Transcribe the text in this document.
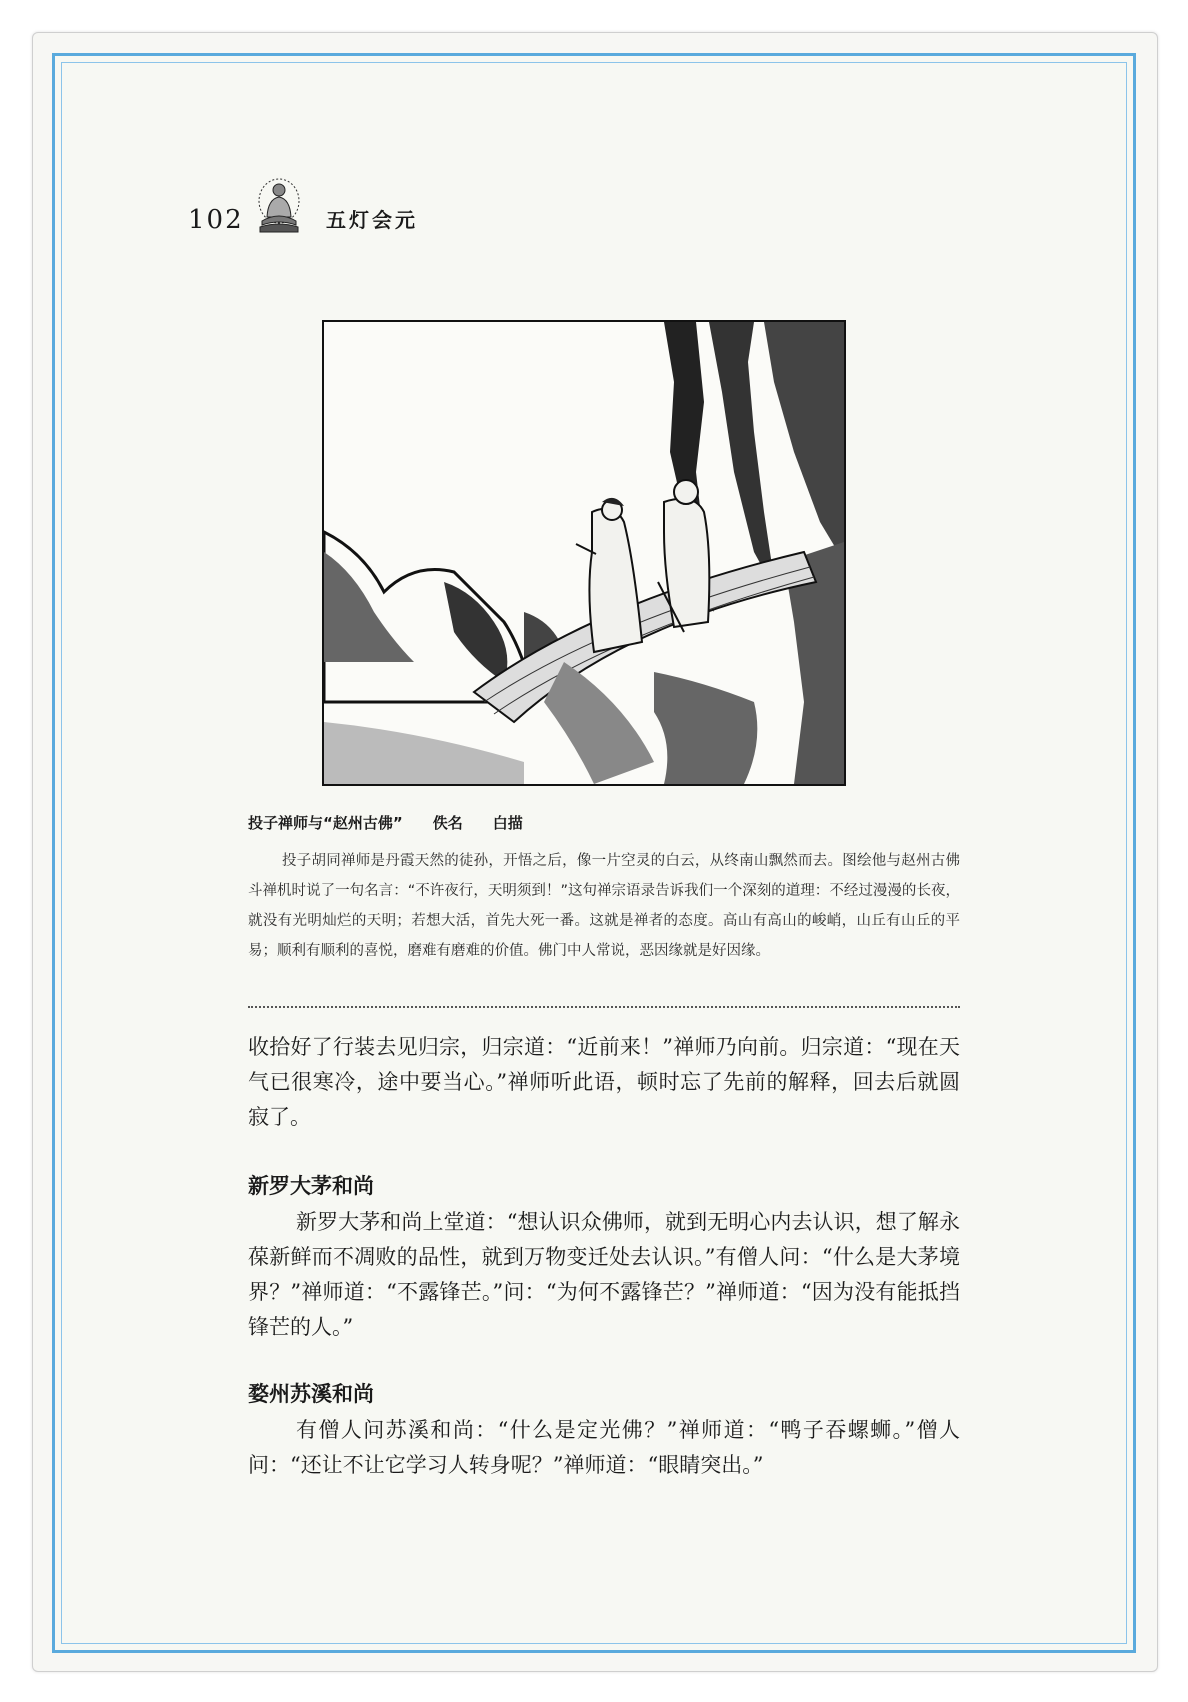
102	五灯会元
投子禅师与“赵州古佛” 佚名 白描
投子胡同禅师是丹霞天然的徒孙，开悟之后，像一片空灵的白云，从终南山飘然而去。图绘他与赵州古佛斗禅机时说了一句名言：“不许夜行，天明须到！”这句禅宗语录告诉我们一个深刻的道理：不经过漫漫的长夜，就没有光明灿烂的天明；若想大活，首先大死一番。这就是禅者的态度。高山有高山的峻峭，山丘有山丘的平易；顺利有顺利的喜悦，磨难有磨难的价值。佛门中人常说，恶因缘就是好因缘。
收拾好了行装去见归宗，归宗道：“近前来！”禅师乃向前。归宗道：“现在天气已很寒冷，途中要当心。”禅师听此语，顿时忘了先前的解释，回去后就圆寂了。
新罗大茅和尚
新罗大茅和尚上堂道：“想认识众佛师，就到无明心内去认识，想了解永葆新鲜而不凋败的品性，就到万物变迁处去认识。”有僧人问：“什么是大茅境界？”禅师道：“不露锋芒。”问：“为何不露锋芒？”禅师道：“因为没有能抵挡锋芒的人。”
婺州苏溪和尚
有僧人问苏溪和尚：“什么是定光佛？”禅师道：“鸭子吞螺蛳。”僧人问：“还让不让它学习人转身呢？”禅师道：“眼睛突出。”
